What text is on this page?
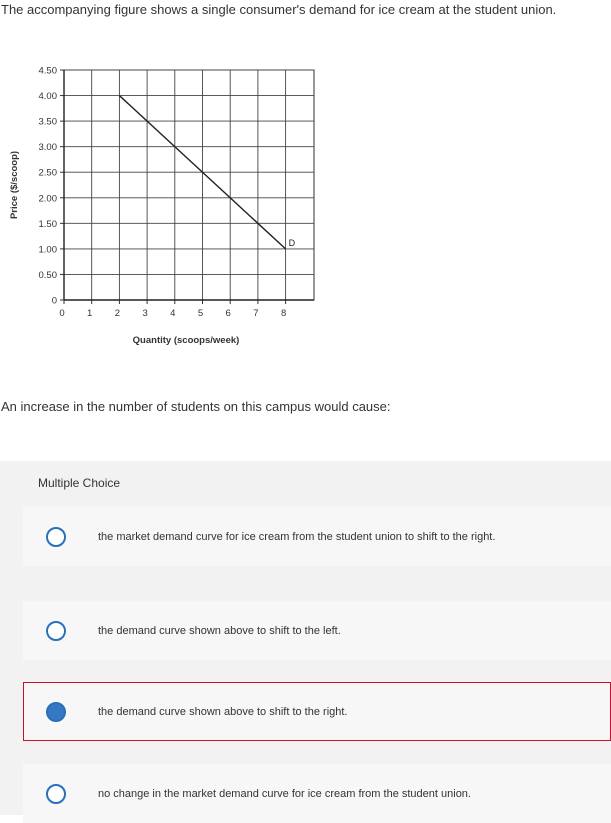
The accompanying figure shows a single consumer's demand for ice cream at the student union.
0
0.50
1.00
1.50
2.00
2.50
3.00
3.50
4.00
4.50
0 1 2 3 4 5 6 7 8
D
Quantity (scoops/week)
Price ($/scoop)
An increase in the number of students on this campus would cause:
Multiple Choice
the market demand curve for ice cream from the student union to shift to the right.
the demand curve shown above to shift to the left.
the demand curve shown above to shift to the right.
no change in the market demand curve for ice cream from the student union.
